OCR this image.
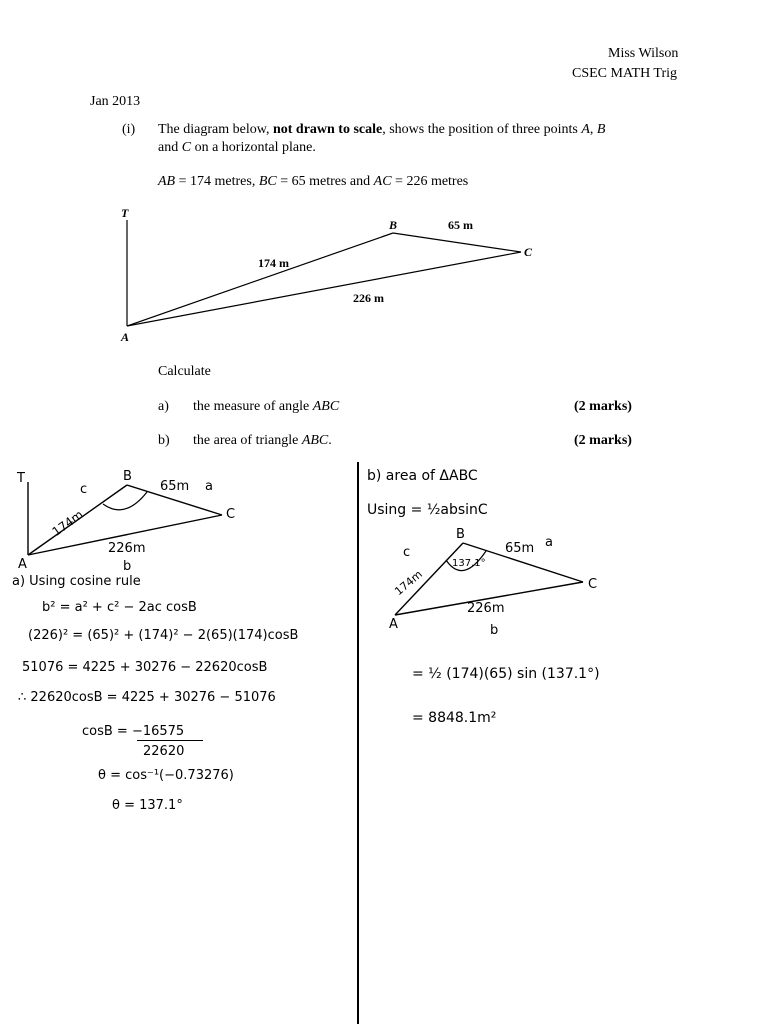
Miss Wilson
CSEC MATH Trig
Jan 2013
(i) The diagram below, not drawn to scale, shows the position of three points A, B
and C on a horizontal plane.
AB = 174 metres, BC = 65 metres and AC = 226 metres
T
A
B
C
65 m
174 m
226 m
Calculate
a) the measure of angle ABC	(2 marks)
b) the area of triangle ABC.	(2 marks)
T
A
B
C
c
174m
65m a
226m
b
a) Using cosine rule
b² = a² + c² − 2ac cosB
(226)² = (65)² + (174)² − 2(65)(174)cosB
51076 = 4225 + 30276 − 22620cosB
∴ 22620cosB = 4225 + 30276 − 51076
cosB = −16575
22620
θ = cos⁻¹(−0.73276)
θ = 137.1°
b) area of ΔABC
Using = ½absinC
B
A
C
c
174m
137.1°
65m a
226m
b
= ½ (174)(65) sin (137.1°)
= 8848.1m²
